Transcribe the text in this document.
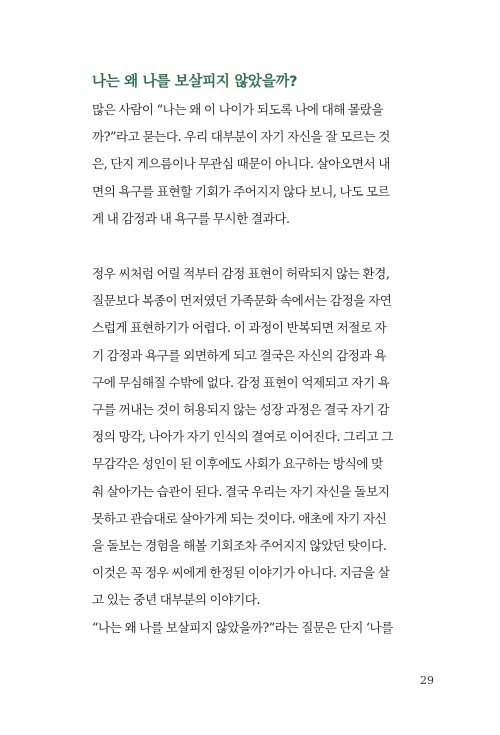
나는 왜 나를 보살피지 않았을까?
많은 사람이 “나는 왜 이 나이가 되도록 나에 대해 몰랐을
까?”라고 묻는다. 우리 대부분이 자기 자신을 잘 모르는 것
은, 단지 게으름이나 무관심 때문이 아니다. 살아오면서 내
면의 욕구를 표현할 기회가 주어지지 않다 보니, 나도 모르
게 내 감정과 내 욕구를 무시한 결과다.
정우 씨처럼 어릴 적부터 감정 표현이 허락되지 않는 환경,
질문보다 복종이 먼저였던 가족문화 속에서는 감정을 자연
스럽게 표현하기가 어렵다. 이 과정이 반복되면 저절로 자
기 감정과 욕구를 외면하게 되고 결국은 자신의 감정과 욕
구에 무심해질 수밖에 없다. 감정 표현이 억제되고 자기 욕
구를 꺼내는 것이 허용되지 않는 성장 과정은 결국 자기 감
정의 망각, 나아가 자기 인식의 결여로 이어진다. 그리고 그
무감각은 성인이 된 이후에도 사회가 요구하는 방식에 맞
춰 살아가는 습관이 된다. 결국 우리는 자기 자신을 돌보지
못하고 관습대로 살아가게 되는 것이다. 애초에 자기 자신
을 돌보는 경험을 해볼 기회조차 주어지지 않았던 탓이다.
이것은 꼭 정우 씨에게 한정된 이야기가 아니다. 지금을 살
고 있는 중년 대부분의 이야기다.
“나는 왜 나를 보살피지 않았을까?”라는 질문은 단지 ‘나를
29
